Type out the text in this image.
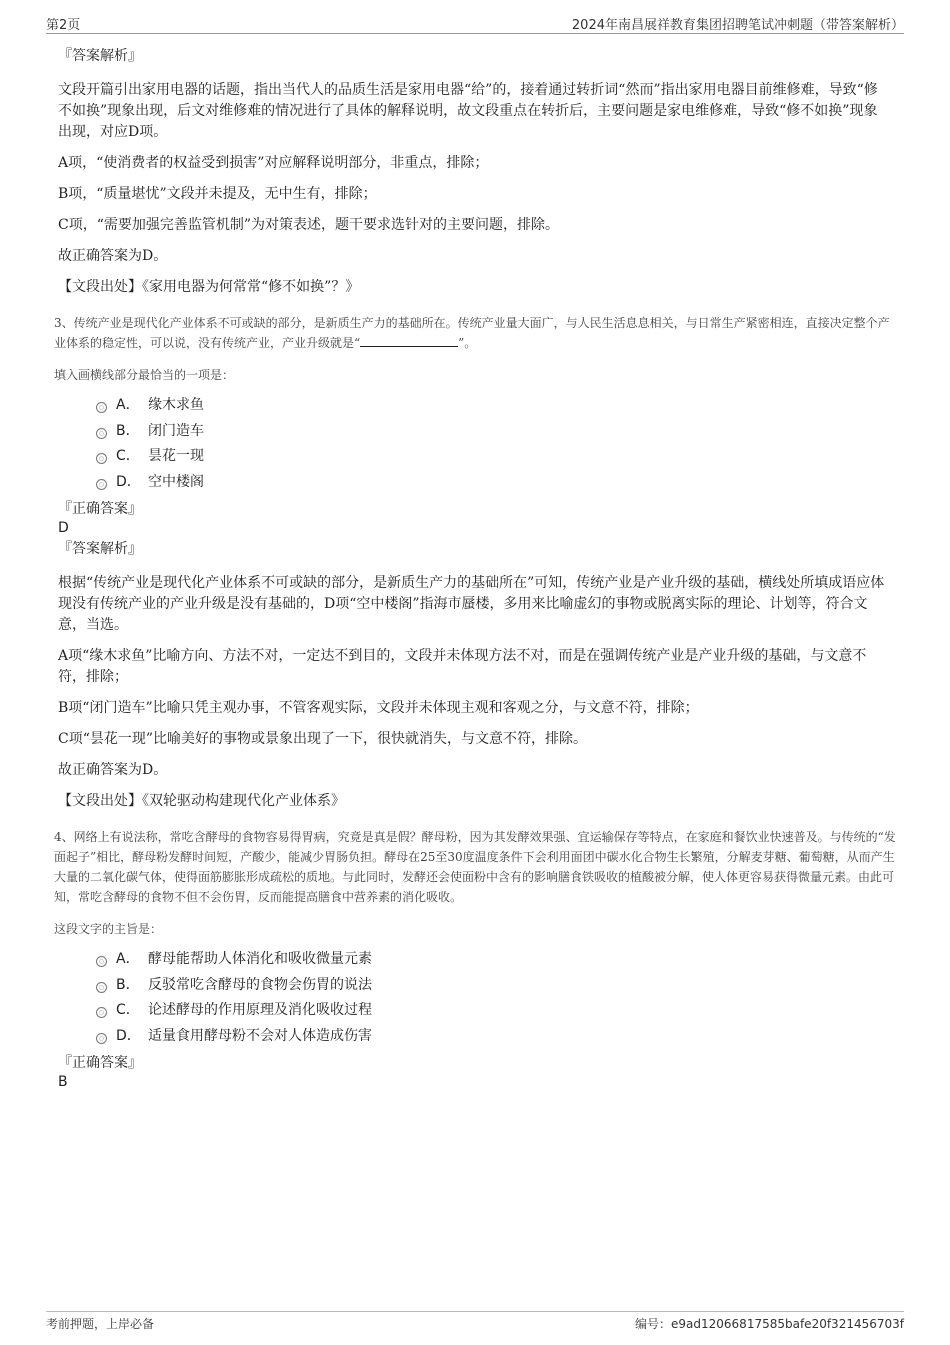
第2页	2024年南昌展祥教育集团招聘笔试冲刺题（带答案解析）
『答案解析』
文段开篇引出家用电器的话题，指出当代人的品质生活是家用电器“给”的，接着通过转折词“然而”指出家用电器目前维修难，导致“修不如换”现象出现，后文对维修难的情况进行了具体的解释说明，故文段重点在转折后，主要问题是家电维修难，导致“修不如换”现象出现，对应D项。
A项，“使消费者的权益受到损害”对应解释说明部分，非重点，排除；
B项，“质量堪忧”文段并未提及，无中生有，排除；
C项，“需要加强完善监管机制”为对策表述，题干要求选针对的主要问题，排除。
故正确答案为D。
【文段出处】《家用电器为何常常“修不如换”？》
3、传统产业是现代化产业体系不可或缺的部分，是新质生产力的基础所在。传统产业量大面广，与人民生活息息相关，与日常生产紧密相连，直接决定整个产业体系的稳定性，可以说，没有传统产业，产业升级就是“	”。
填入画横线部分最恰当的一项是：
A． 缘木求鱼
B． 闭门造车
C． 昙花一现
D． 空中楼阁
『正确答案』
D
『答案解析』
根据“传统产业是现代化产业体系不可或缺的部分，是新质生产力的基础所在”可知，传统产业是产业升级的基础，横线处所填成语应体现没有传统产业的产业升级是没有基础的，D项“空中楼阁”指海市蜃楼，多用来比喻虚幻的事物或脱离实际的理论、计划等，符合文意，当选。
A项“缘木求鱼”比喻方向、方法不对，一定达不到目的，文段并未体现方法不对，而是在强调传统产业是产业升级的基础，与文意不符，排除；
B项“闭门造车”比喻只凭主观办事，不管客观实际，文段并未体现主观和客观之分，与文意不符，排除；
C项“昙花一现”比喻美好的事物或景象出现了一下，很快就消失，与文意不符，排除。
故正确答案为D。
【文段出处】《双轮驱动构建现代化产业体系》
4、网络上有说法称，常吃含酵母的食物容易得胃病，究竟是真是假？酵母粉，因为其发酵效果强、宜运输保存等特点，在家庭和餐饮业快速普及。与传统的“发面起子”相比，酵母粉发酵时间短，产酸少，能减少胃肠负担。酵母在25至30度温度条件下会利用面团中碳水化合物生长繁殖，分解麦芽糖、葡萄糖，从而产生大量的二氧化碳气体，使得面筋膨胀形成疏松的质地。与此同时，发酵还会使面粉中含有的影响膳食铁吸收的植酸被分解，使人体更容易获得微量元素。由此可知，常吃含酵母的食物不但不会伤胃，反而能提高膳食中营养素的消化吸收。
这段文字的主旨是：
A． 酵母能帮助人体消化和吸收微量元素
B． 反驳常吃含酵母的食物会伤胃的说法
C． 论述酵母的作用原理及消化吸收过程
D． 适量食用酵母粉不会对人体造成伤害
『正确答案』
B
考前押题，上岸必备	编号：e9ad12066817585bafe20f321456703f
